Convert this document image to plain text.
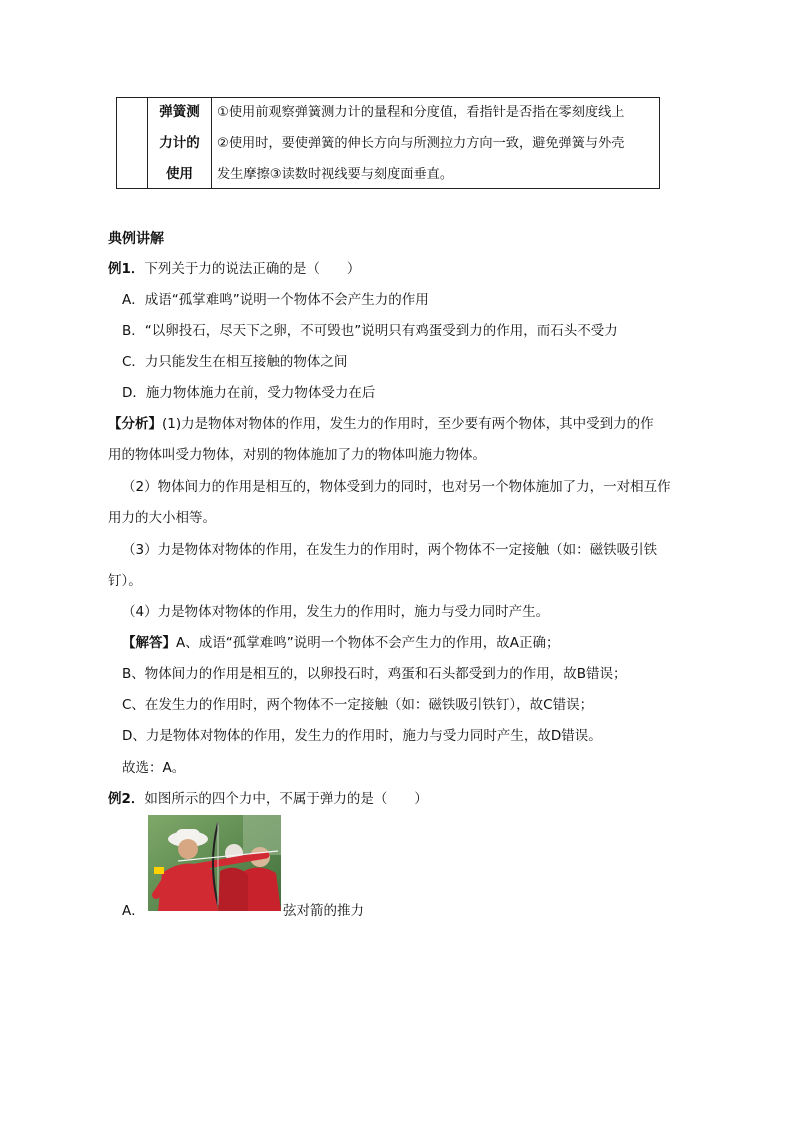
弹簧测
力计的
使用
①使用前观察弹簧测力计的量程和分度值，看指针是否指在零刻度线上
②使用时，要使弹簧的伸长方向与所测拉力方向一致，避免弹簧与外壳
发生摩擦③读数时视线要与刻度面垂直。
典例讲解
例1．下列关于力的说法正确的是（　　）
A．成语“孤掌难鸣”说明一个物体不会产生力的作用
B．“以卵投石，尽天下之卵，不可毁也”说明只有鸡蛋受到力的作用，而石头不受力
C．力只能发生在相互接触的物体之间
D．施力物体施力在前，受力物体受力在后
【分析】(1)力是物体对物体的作用，发生力的作用时，至少要有两个物体，其中受到力的作
用的物体叫受力物体，对别的物体施加了力的物体叫施力物体。
（2）物体间力的作用是相互的，物体受到力的同时，也对另一个物体施加了力，一对相互作
用力的大小相等。
（3）力是物体对物体的作用，在发生力的作用时，两个物体不一定接触（如：磁铁吸引铁
钉）。
（4）力是物体对物体的作用，发生力的作用时，施力与受力同时产生。
【解答】A、成语“孤掌难鸣”说明一个物体不会产生力的作用，故A正确；
B、物体间力的作用是相互的，以卵投石时，鸡蛋和石头都受到力的作用，故B错误；
C、在发生力的作用时，两个物体不一定接触（如：磁铁吸引铁钉），故C错误；
D、力是物体对物体的作用，发生力的作用时，施力与受力同时产生，故D错误。
故选：A。
例2．如图所示的四个力中，不属于弹力的是（　　）
A．	弦对箭的推力
